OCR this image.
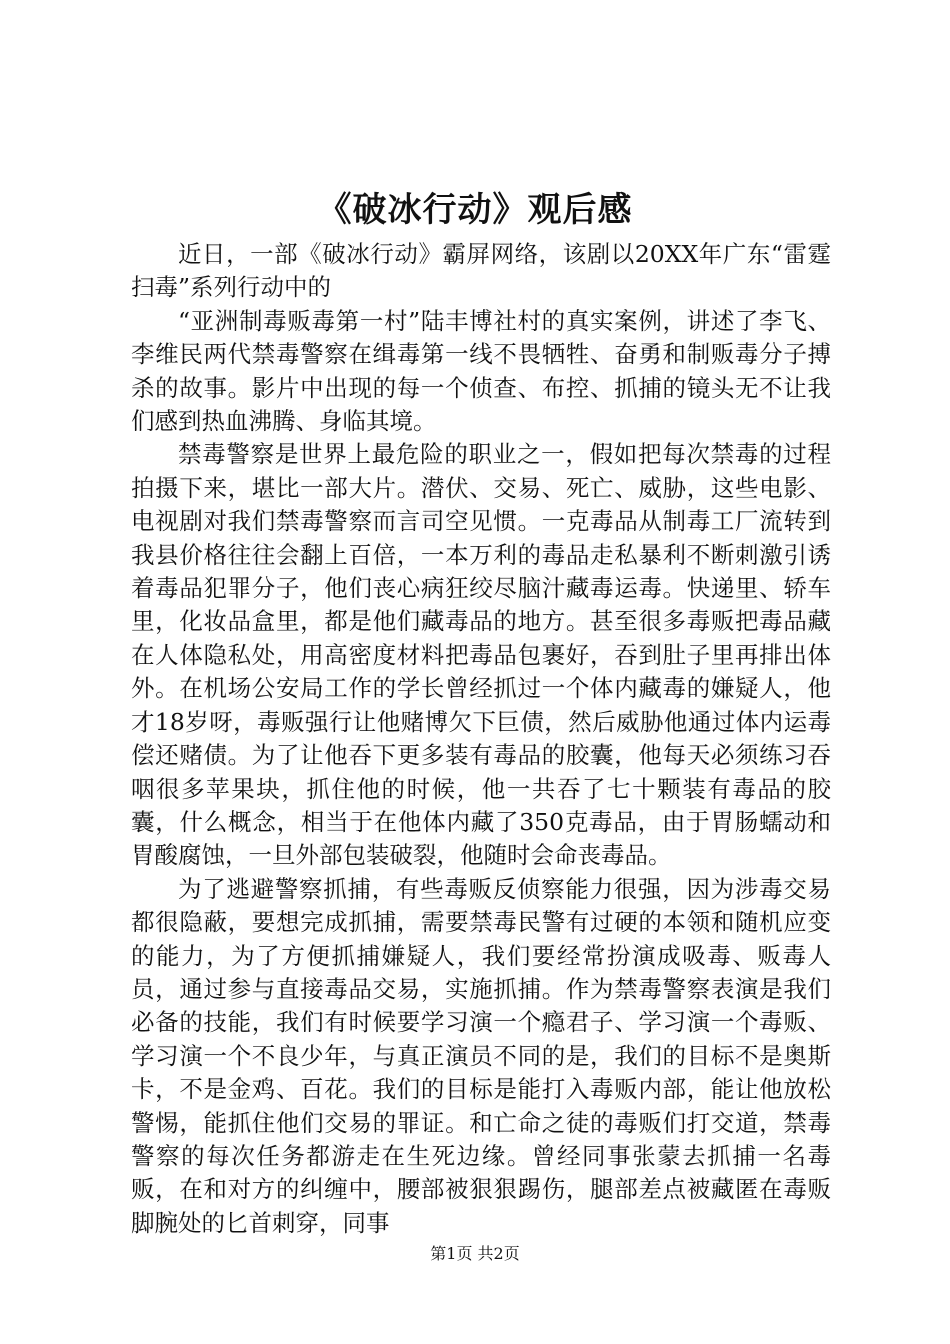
《破冰行动》观后感

近日，一部《破冰行动》霸屏网络，该剧以20XX年广东“雷霆扫毒”系列行动中的

“亚洲制毒贩毒第一村”陆丰博社村的真实案例，讲述了李飞、李维民两代禁毒警察在缉毒第一线不畏牺牲、奋勇和制贩毒分子搏杀的故事。影片中出现的每一个侦查、布控、抓捕的镜头无不让我们感到热血沸腾、身临其境。

禁毒警察是世界上最危险的职业之一，假如把每次禁毒的过程拍摄下来，堪比一部大片。潜伏、交易、死亡、威胁，这些电影、电视剧对我们禁毒警察而言司空见惯。一克毒品从制毒工厂流转到我县价格往往会翻上百倍，一本万利的毒品走私暴利不断刺激引诱着毒品犯罪分子，他们丧心病狂绞尽脑汁藏毒运毒。快递里、轿车里，化妆品盒里，都是他们藏毒品的地方。甚至很多毒贩把毒品藏在人体隐私处，用高密度材料把毒品包裹好，吞到肚子里再排出体外。在机场公安局工作的学长曾经抓过一个体内藏毒的嫌疑人，他才18岁呀，毒贩强行让他赌博欠下巨债，然后威胁他通过体内运毒偿还赌债。为了让他吞下更多装有毒品的胶囊，他每天必须练习吞咽很多苹果块，抓住他的时候，他一共吞了七十颗装有毒品的胶囊，什么概念，相当于在他体内藏了350克毒品，由于胃肠蠕动和胃酸腐蚀，一旦外部包装破裂，他随时会命丧毒品。

为了逃避警察抓捕，有些毒贩反侦察能力很强，因为涉毒交易都很隐蔽，要想完成抓捕，需要禁毒民警有过硬的本领和随机应变的能力，为了方便抓捕嫌疑人，我们要经常扮演成吸毒、贩毒人员，通过参与直接毒品交易，实施抓捕。作为禁毒警察表演是我们必备的技能，我们有时候要学习演一个瘾君子、学习演一个毒贩、学习演一个不良少年，与真正演员不同的是，我们的目标不是奥斯卡，不是金鸡、百花。我们的目标是能打入毒贩内部，能让他放松警惕，能抓住他们交易的罪证。和亡命之徒的毒贩们打交道，禁毒警察的每次任务都游走在生死边缘。曾经同事张蒙去抓捕一名毒贩，在和对方的纠缠中，腰部被狠狠踢伤，腿部差点被藏匿在毒贩脚腕处的匕首刺穿，同事

第1页 共2页
